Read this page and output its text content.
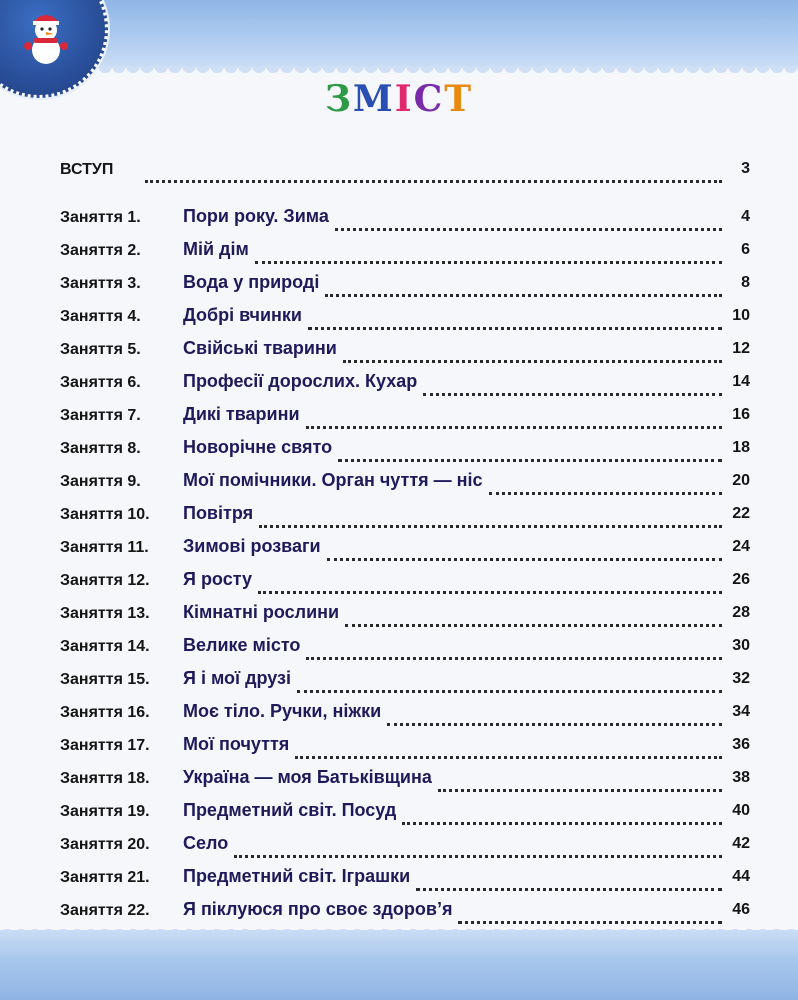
ЗМІСТ
ВСТУП	3
Заняття 1. Пори року. Зима	4
Заняття 2. Мій дім	6
Заняття 3. Вода у природі	8
Заняття 4. Добрі вчинки	10
Заняття 5. Свійські тварини	12
Заняття 6. Професії дорослих. Кухар	14
Заняття 7. Дикі тварини	16
Заняття 8. Новорічне свято	18
Заняття 9. Мої помічники. Орган чуття — ніс	20
Заняття 10. Повітря	22
Заняття 11. Зимові розваги	24
Заняття 12. Я росту	26
Заняття 13. Кімнатні рослини	28
Заняття 14. Велике місто	30
Заняття 15. Я і мої друзі	32
Заняття 16. Моє тіло. Ручки, ніжки	34
Заняття 17. Мої почуття	36
Заняття 18. Україна — моя Батьківщина	38
Заняття 19. Предметний світ. Посуд	40
Заняття 20. Село	42
Заняття 21. Предметний світ. Іграшки	44
Заняття 22. Я піклуюся про своє здоров’я	46
